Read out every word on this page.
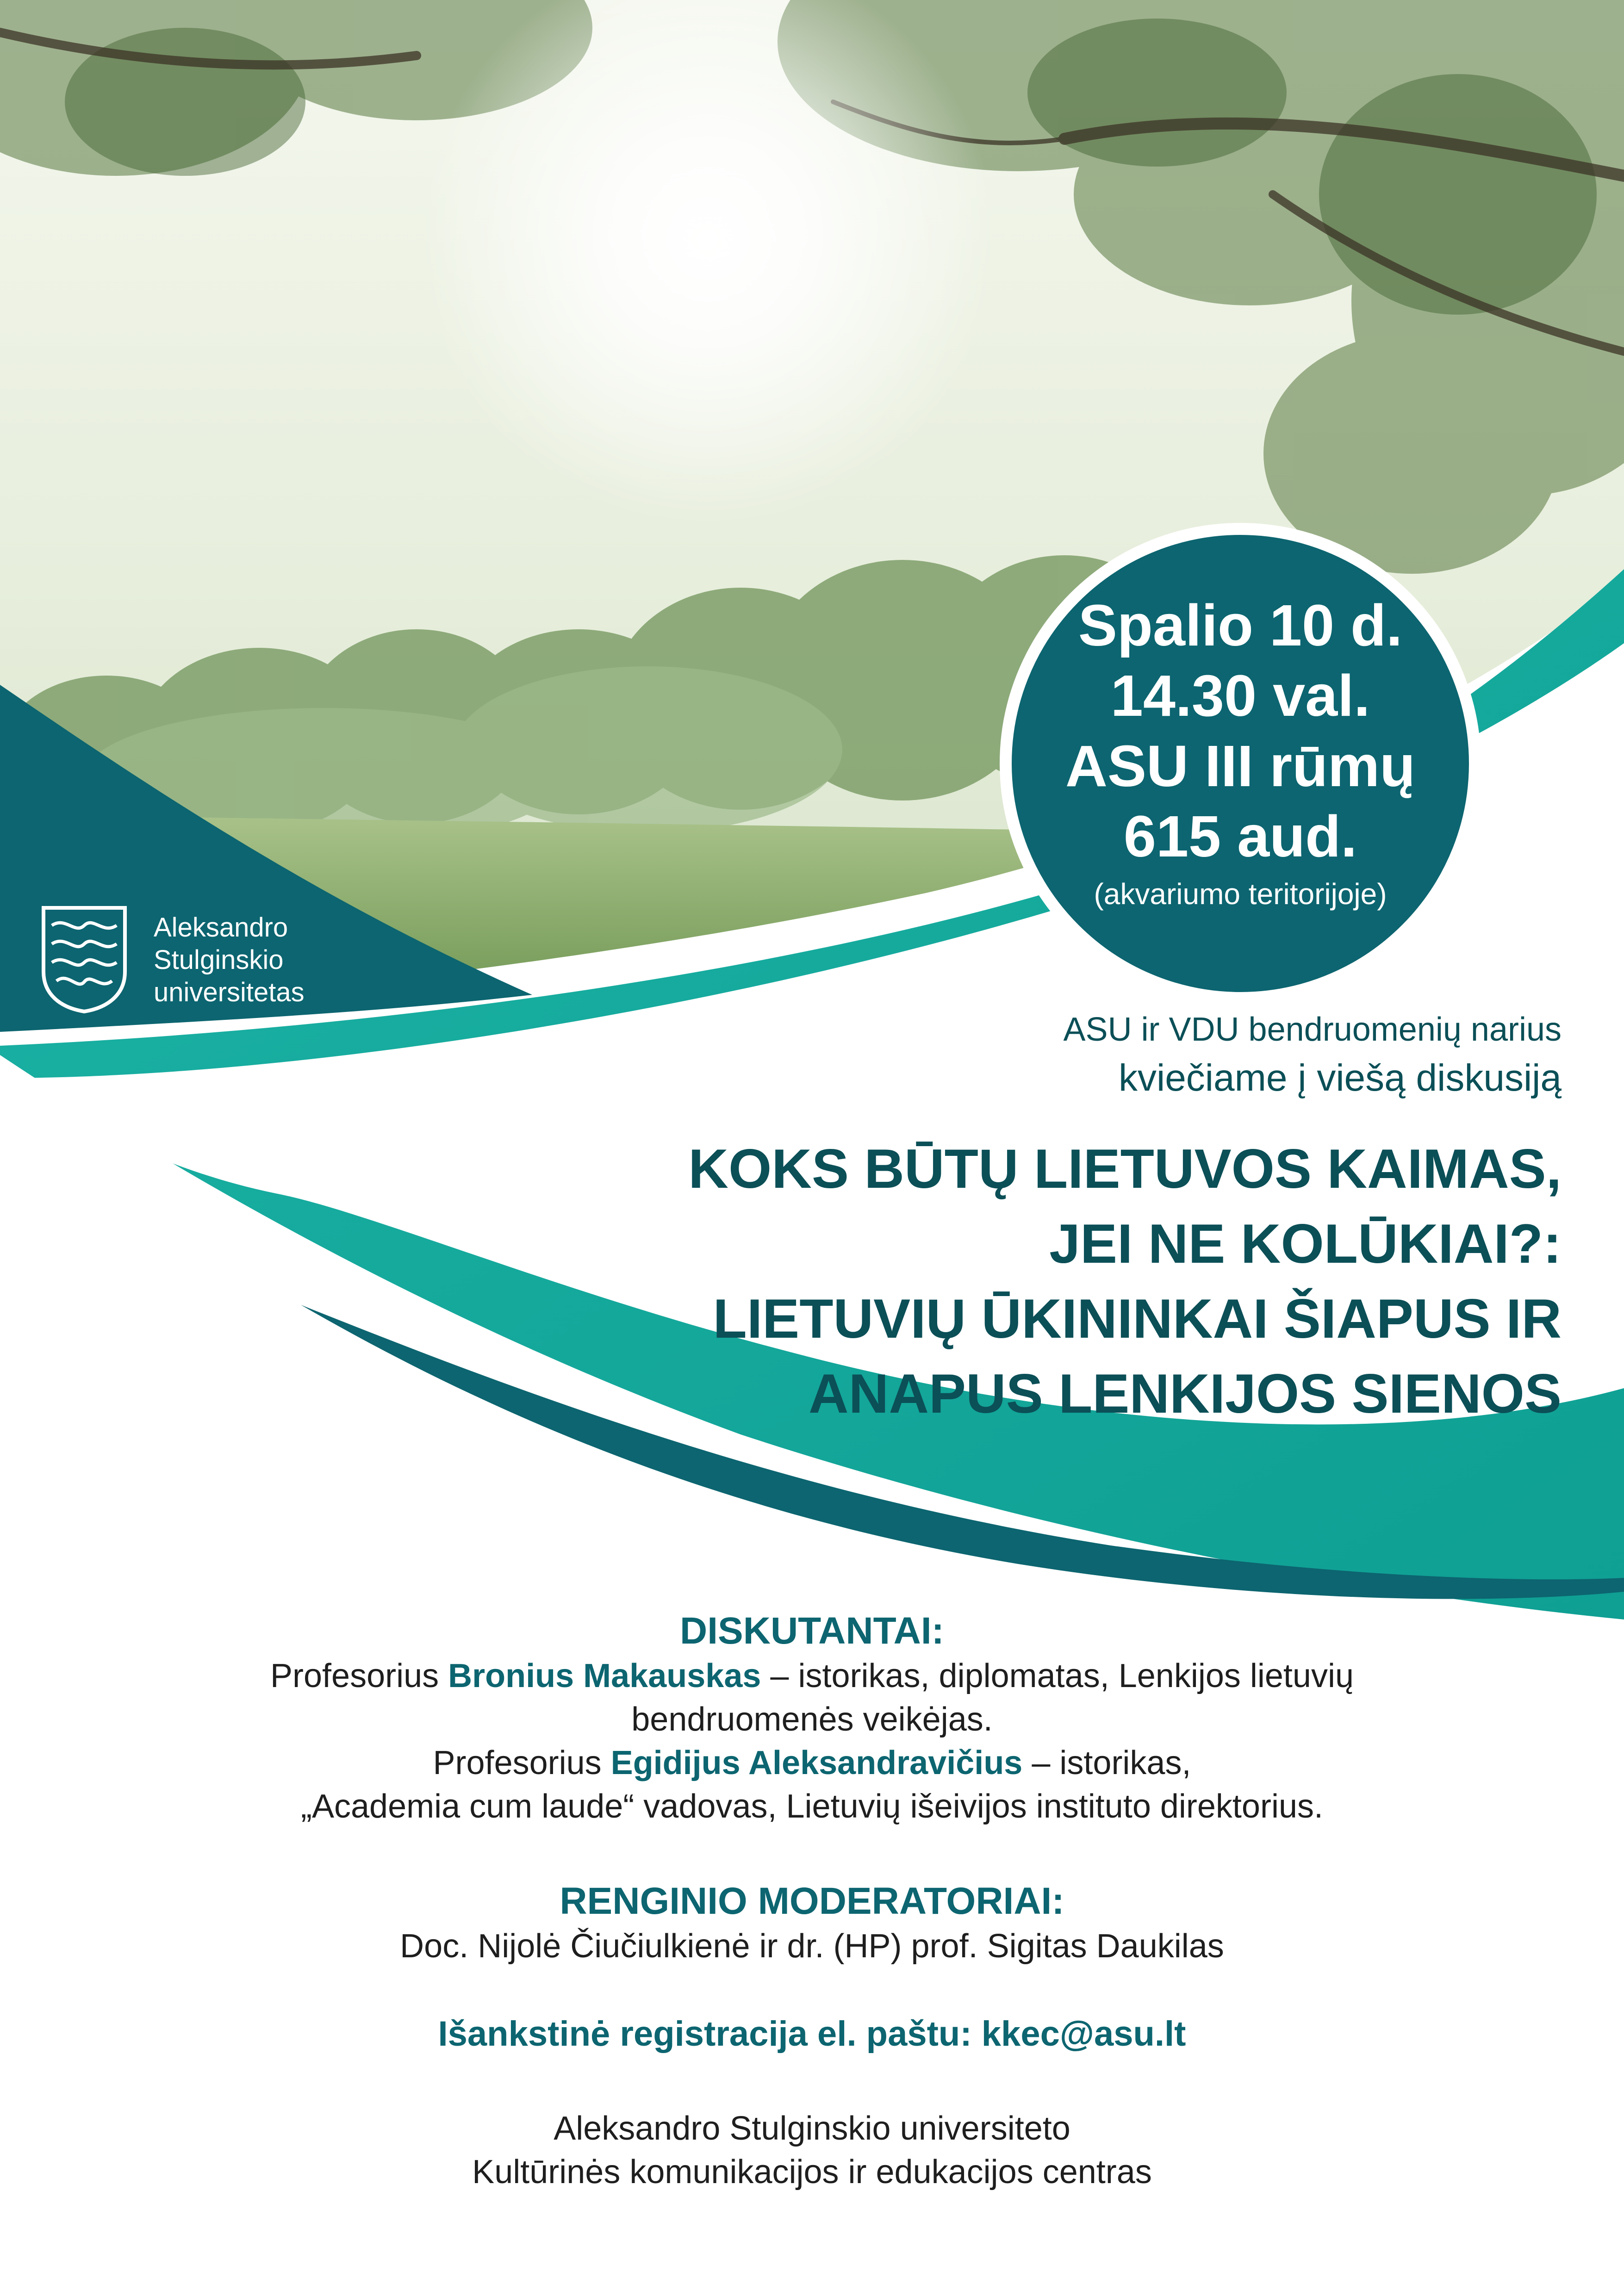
Spalio 10 d.
14.30 val.
ASU III rūmų
615 aud.
(akvariumo teritorijoje)
Aleksandro
Stulginskio
universitetas
ASU ir VDU bendruomenių narius
kviečiame į viešą diskusiją
KOKS BŪTŲ LIETUVOS KAIMAS,
JEI NE KOLŪKIAI?:
LIETUVIŲ ŪKININKAI ŠIAPUS IR
ANAPUS LENKIJOS SIENOS
DISKUTANTAI:
Profesorius Bronius Makauskas – istorikas, diplomatas, Lenkijos lietuvių
bendruomenės veikėjas.
Profesorius Egidijus Aleksandravičius – istorikas,
„Academia cum laude“ vadovas, Lietuvių išeivijos instituto direktorius.
RENGINIO MODERATORIAI:
Doc. Nijolė Čiučiulkienė ir dr. (HP) prof. Sigitas Daukilas
Išankstinė registracija el. paštu: kkec@asu.lt
Aleksandro Stulginskio universiteto
Kultūrinės komunikacijos ir edukacijos centras
